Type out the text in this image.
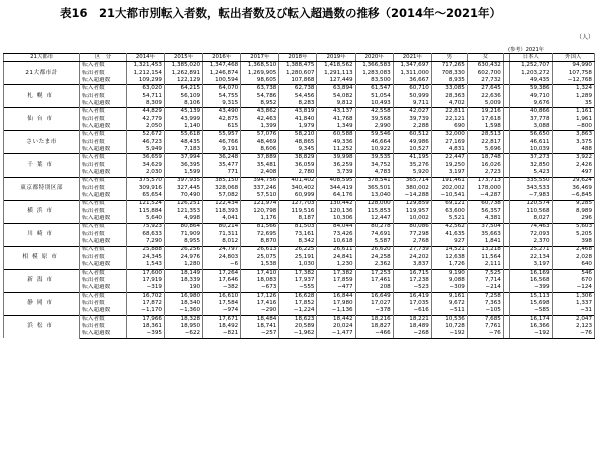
表16　21大都市別転入者数，転出者数及び転入超過数の推移（2014年～2021年）
（人）
(参考）2021年
21大都市	区　分	2014年	2015年	2016年	2017年	2018年	2019年	2020年	2021年	男	女		日本人	外国人
21大都市計	転入者数	1,321,453	1,385,020	1,347,468	1,368,510	1,388,475	1,418,562	1,366,583	1,347,697	717,265	630,432		1,252,707	94,990
	転出者数	1,212,154	1,262,891	1,246,874	1,269,905	1,280,607	1,291,113	1,283,083	1,311,000	708,330	602,700		1,203,272	107,758
	転入超過数	109,299	122,129	100,594	98,605	107,868	127,449	83,500	36,667	8,935	27,732		49,435	−12,768
札幌市	転入者数	63,020	64,215	64,070	63,738	62,738	63,894	61,547	60,710	33,085	27,645		59,386	1,324
	転出者数	54,711	56,109	54,755	54,786	54,456	54,082	51,054	50,999	28,363	22,636		49,710	1,289
	転入超過数	8,309	8,106	9,315	8,952	8,283	9,812	10,493	9,711	4,702	5,009		9,676	35
仙台市	転入者数	44,829	45,139	43,490	43,862	43,819	43,137	42,558	42,027	22,811	19,216		40,866	1,161
	転出者数	42,779	43,999	42,875	42,463	41,840	41,768	39,568	39,739	22,121	17,618		37,778	1,961
	転入超過数	2,050	1,140	615	1,399	1,979	1,349	2,990	2,288	690	1,598		3,088	−800
さいたま市	転入者数	52,672	55,618	55,957	57,076	58,210	60,588	59,546	60,512	32,000	28,513		56,650	3,863
	転出者数	46,723	48,435	46,766	48,469	48,865	49,336	46,664	49,986	27,169	22,817		46,611	3,375
	転入超過数	5,949	7,183	9,191	8,606	9,345	11,252	10,922	10,527	4,831	5,696		10,039	488
千葉市	転入者数	36,659	37,994	36,248	37,889	38,829	39,998	39,535	41,195	22,447	18,748		37,273	3,922
	転出者数	34,629	36,395	35,477	35,481	36,059	36,259	34,752	35,276	19,250	16,026		32,850	2,426
	転入超過数	2,030	1,599	771	2,408	2,780	3,739	4,783	5,920	3,197	2,723		5,423	497
東京都特別区部	転入者数	375,570	397,935	385,150	394,756	401,402	408,595	378,541	365,714	191,461	173,713		335,550	29,624
	転出者数	309,916	327,445	328,068	337,246	340,402	344,419	365,501	380,002	202,002	178,000		343,533	36,469
	転入超過数	65,654	70,490	57,082	57,510	60,999	64,176	13,040	−14,288	−10,541	−4,287		−7,983	−6,845
横浜市	転入者数	121,524	126,251	122,434	121,974	127,703	130,442	128,000	129,859	69,121	60,738		120,574	9,285
	転出者数	115,884	121,353	118,393	120,798	119,516	120,136	115,853	119,957	63,600	56,357		110,568	8,989
	転入超過数	5,640	4,998	4,041	1,176	8,187	10,306	12,447	10,002	5,521	4,381		8,027	296
川崎市	転入者数	75,923	80,864	80,214	81,566	81,503	84,044	80,278	80,086	42,562	37,504		74,463	5,603
	転出者数	68,633	71,909	71,311	72,695	73,161	73,426	74,691	77,298	41,635	35,663		72,093	5,205
	転入超過数	7,290	8,955	8,012	8,870	8,342	10,618	5,587	2,768	927	1,841		2,370	398
相模原市	転入者数	25,888	26,256	24,797	26,613	26,225	26,611	26,620	27,739	14,521	13,218		25,271	2,468
	転出者数	24,345	24,976	24,803	25,075	25,191	24,841	24,258	24,202	12,638	11,564		22,134	2,028
	転入超過数	1,543	1,280	−6	1,538	1,030	1,230	2,362	3,837	1,726	2,111		3,197	640
新潟市	転入者数	17,600	18,149	17,264	17,410	17,382	17,382	17,253	16,715	9,190	7,525		16,169	546
	転出者数	17,919	18,339	17,646	18,083	17,937	17,859	17,461	17,238	9,088	7,714		16,568	670
	転入超過数	−319	190	−382	−673	−555	−477	208	−523	−309	−214		−399	−124
静岡市	転入者数	16,702	16,980	16,610	17,126	16,628	16,844	16,649	16,419	9,161	7,258		15,113	1,306
	転出者数	17,872	18,340	17,584	17,416	17,852	17,980	17,027	17,035	9,672	7,363		15,698	1,337
	転入超過数	−1,170	−1,360	−974	−290	−1,224	−1,136	−378	−616	−511	−105		−585	−31
浜松市	転入者数	17,966	18,328	17,671	18,484	18,623	18,442	18,216	18,221	10,536	7,685		16,174	2,047
	転出者数	18,361	18,950	18,492	18,741	20,589	20,024	18,827	18,489	10,728	7,761		16,366	2,123
	転入超過数	−395	−622	−821	−257	−1,962	−1,477	−466	−268	−192	−76		−192	−76
